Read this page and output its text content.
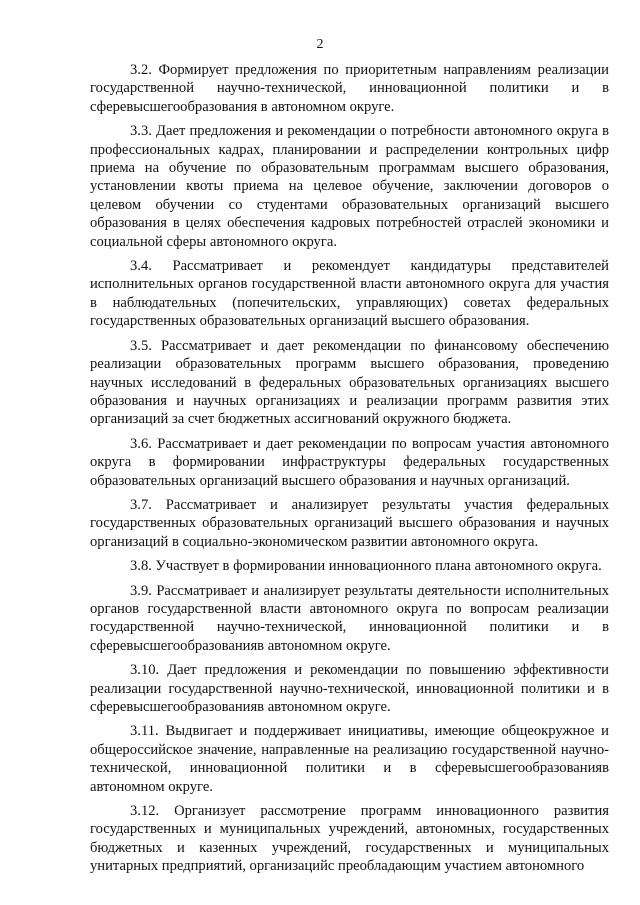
2

3.2. Формирует предложения по приоритетным направлениям реализации государственной научно-технической, инновационной политики и в сферевысшегообразования в автономном округе.

3.3. Дает предложения и рекомендации о потребности автономного округа в профессиональных кадрах, планировании и распределении контрольных цифр приема на обучение по образовательным программам высшего образования, установлении квоты приема на целевое обучение, заключении договоров о целевом обучении со студентами образовательных организаций высшего образования в целях обеспечения кадровых потребностей отраслей экономики и социальной сферы автономного округа.

3.4. Рассматривает и рекомендует кандидатуры представителей исполнительных органов государственной власти автономного округа для участия в наблюдательных (попечительских, управляющих) советах федеральных государственных образовательных организаций высшего образования.

3.5. Рассматривает и дает рекомендации по финансовому обеспечению реализации образовательных программ высшего образования, проведению научных исследований в федеральных образовательных организациях высшего образования и научных организациях и реализации программ развития этих организаций за счет бюджетных ассигнований окружного бюджета.

3.6. Рассматривает и дает рекомендации по вопросам участия автономного округа в формировании инфраструктуры федеральных государственных образовательных организаций высшего образования и научных организаций.

3.7. Рассматривает и анализирует результаты участия федеральных государственных образовательных организаций высшего образования и научных организаций в социально-экономическом развитии автономного округа.

3.8. Участвует в формировании инновационного плана автономного округа.

3.9. Рассматривает и анализирует результаты деятельности исполнительных органов государственной власти автономного округа по вопросам реализации государственной научно-технической, инновационной политики и в сферевысшегообразованияв автономном округе.

3.10. Дает предложения и рекомендации по повышению эффективности реализации государственной научно-технической, инновационной политики и в сферевысшегообразованияв автономном округе.

3.11. Выдвигает и поддерживает инициативы, имеющие общеокружное и общероссийское значение, направленные на реализацию государственной научно-технической, инновационной политики и в сферевысшегообразованияв автономном округе.

3.12. Организует рассмотрение программ инновационного развития государственных и муниципальных учреждений, автономных, государственных бюджетных и казенных учреждений, государственных и муниципальных унитарных предприятий, организацийс преобладающим участием автономного
